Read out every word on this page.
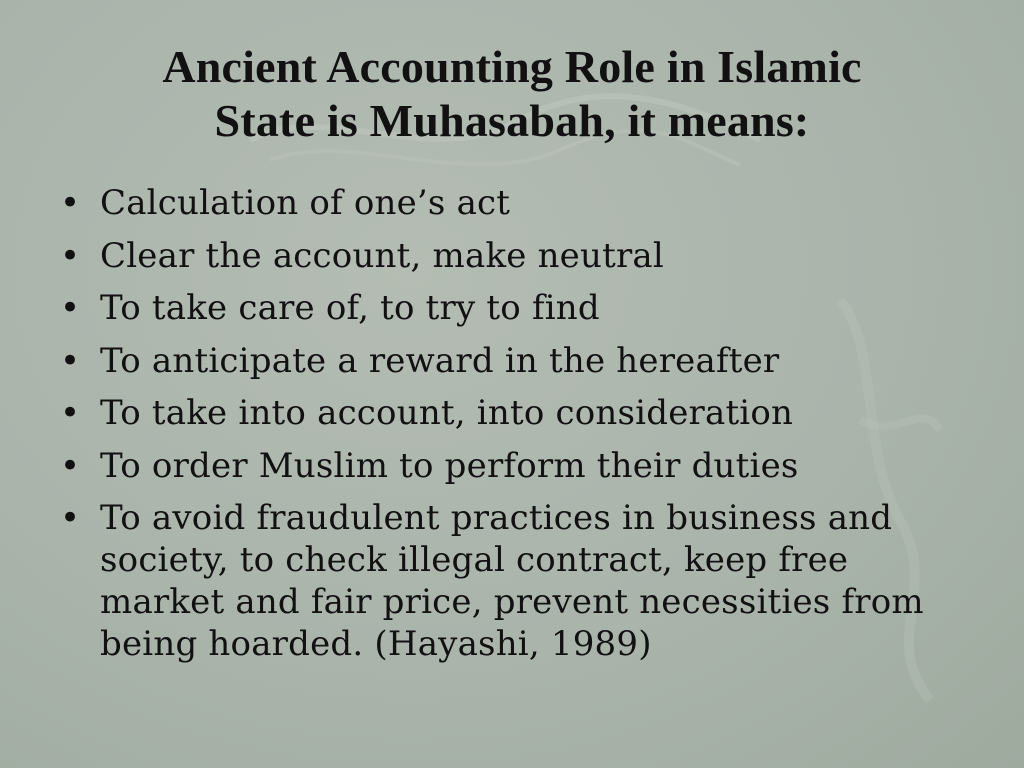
Ancient Accounting Role in Islamic
State is Muhasabah, it means:
• Calculation of one’s act
• Clear the account, make neutral
• To take care of, to try to find
• To anticipate a reward in the hereafter
• To take into account, into consideration
• To order Muslim to perform their duties
• To avoid fraudulent practices in business and society, to check illegal contract, keep free market and fair price, prevent necessities from being hoarded. (Hayashi, 1989)
